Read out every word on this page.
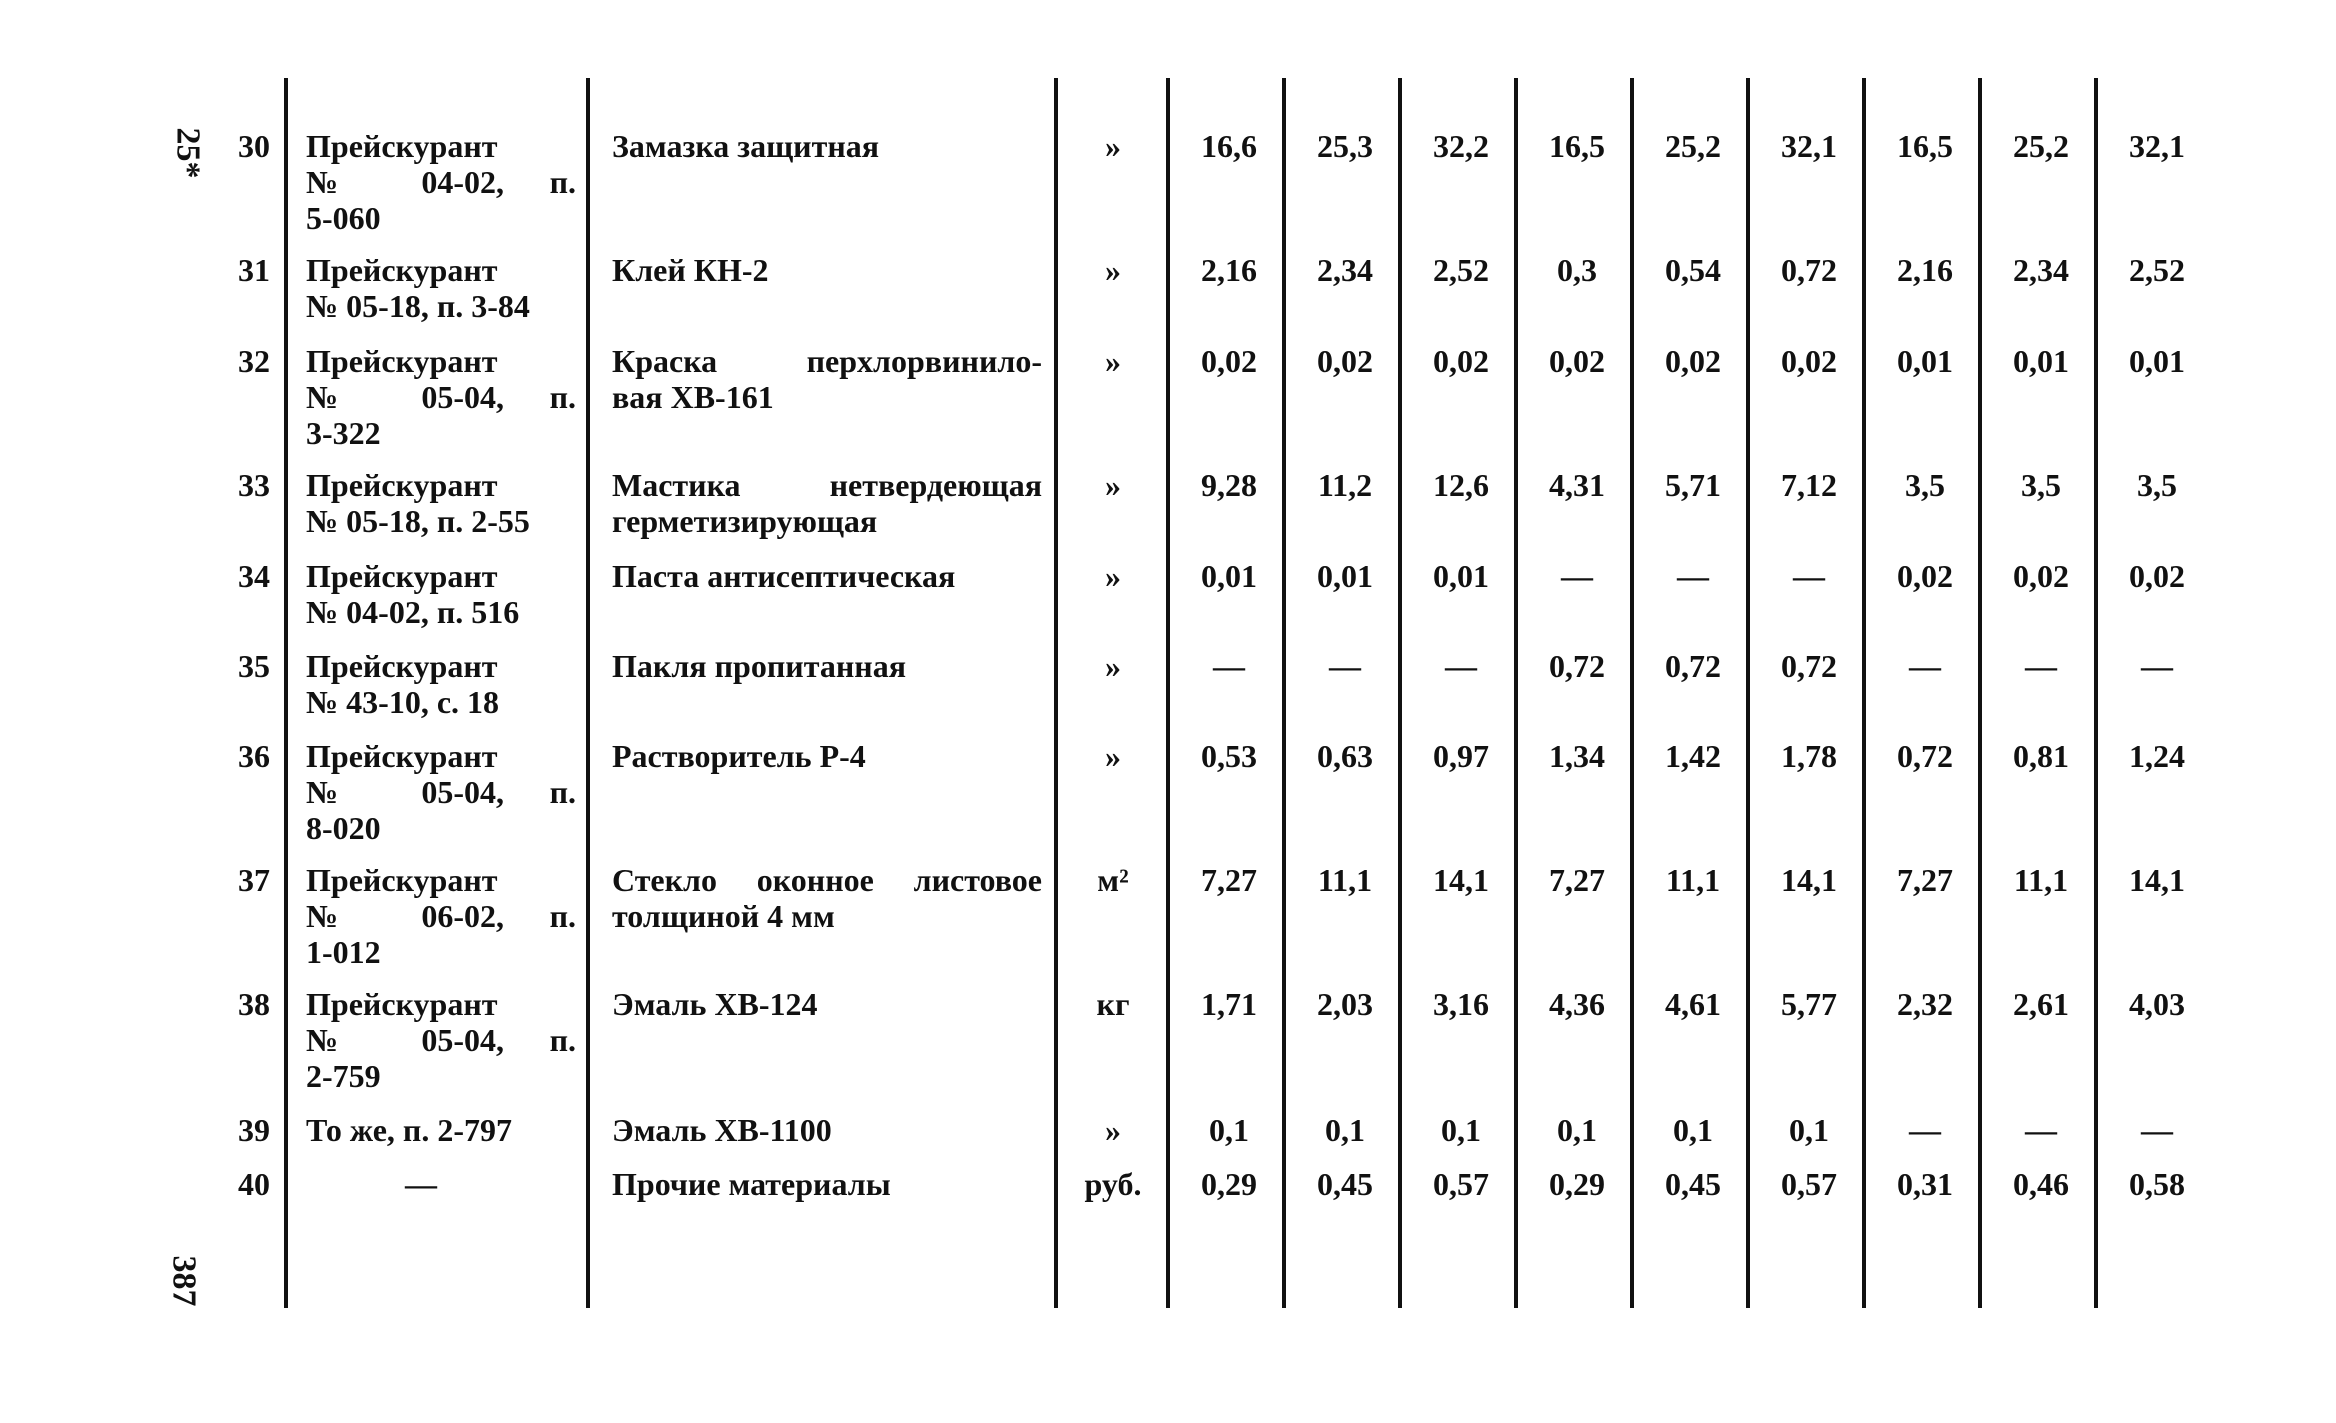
25*
387
30 Прейскурант
№ 04-02, п.
5-060
Замазка защитная	»	16,6	25,3	32,2	16,5	25,2	32,1	16,5	25,2	32,1
31 Прейскурант
№ 05-18, п. 3-84
Клей КН-2	»	2,16	2,34	2,52	0,3	0,54	0,72	2,16	2,34	2,52
32 Прейскурант
№ 05-04, п.
3-322
Краска перхлорвинило-
вая ХВ-161
»	0,02	0,02	0,02	0,02	0,02	0,02	0,01	0,01	0,01
33 Прейскурант
№ 05-18, п. 2-55
Мастика нетвердеющая
герметизирующая
»	9,28	11,2	12,6	4,31	5,71	7,12	3,5	3,5	3,5
34 Прейскурант
№ 04-02, п. 516
Паста антисептическая	»	0,01	0,01	0,01	—	—	—	0,02	0,02	0,02
35 Прейскурант
№ 43-10, с. 18
Пакля пропитанная	»	—	—	—	0,72	0,72	0,72	—	—	—
36 Прейскурант
№ 05-04, п.
8-020
Растворитель Р-4	»	0,53	0,63	0,97	1,34	1,42	1,78	0,72	0,81	1,24
37 Прейскурант
№ 06-02, п.
1-012
Стекло оконное листовое
толщиной 4 мм
м²	7,27	11,1	14,1	7,27	11,1	14,1	7,27	11,1	14,1
38 Прейскурант
№ 05-04, п.
2-759
Эмаль ХВ-124	кг	1,71	2,03	3,16	4,36	4,61	5,77	2,32	2,61	4,03
39 То же, п. 2-797	Эмаль ХВ-1100	»	0,1	0,1	0,1	0,1	0,1	0,1	—	—	—
40	—	Прочие материалы	руб.	0,29	0,45	0,57	0,29	0,45	0,57	0,31	0,46	0,58
